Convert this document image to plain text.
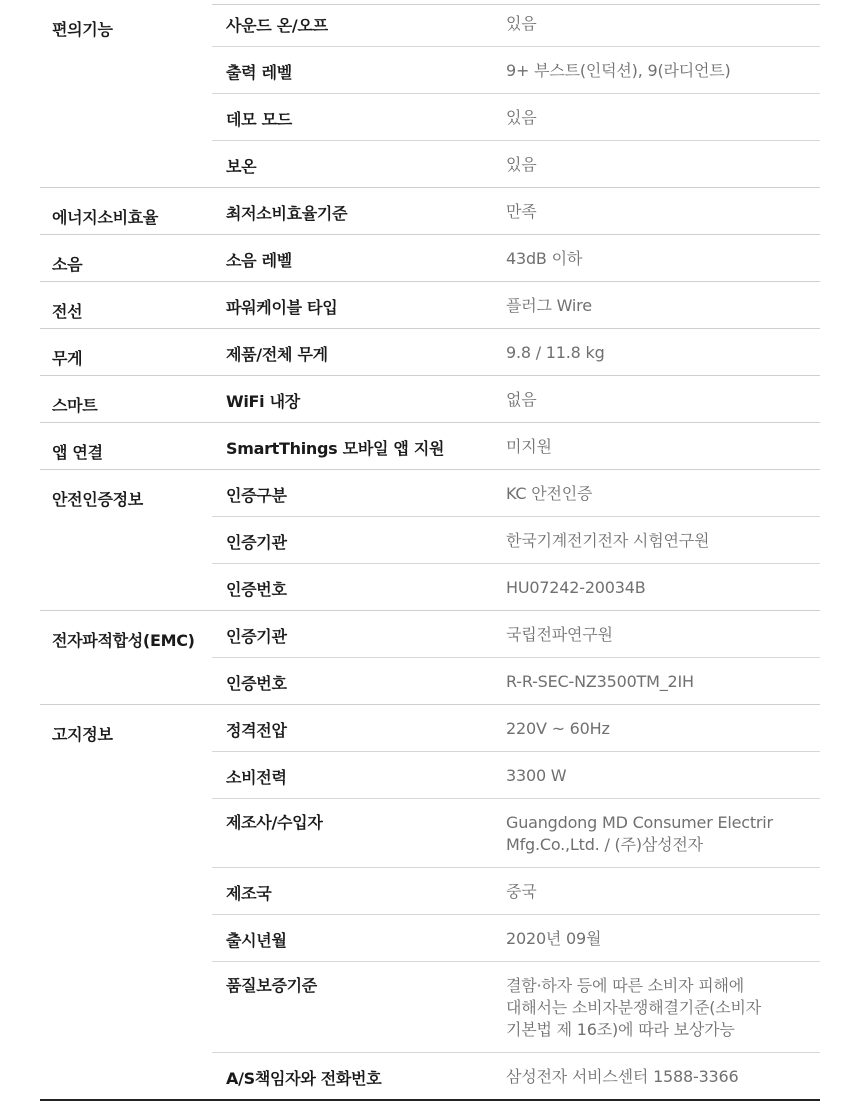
편의기능	사운드 온/오프	있음
출력 레벨	9+ 부스트(인덕션), 9(라디언트)
데모 모드	있음
보온	있음
에너지소비효율	최저소비효율기준	만족
소음	소음 레벨	43dB 이하
전선	파워케이블 타입	플러그 Wire
무게	제품/전체 무게	9.8 / 11.8 kg
스마트	WiFi 내장	없음
앱 연결	SmartThings 모바일 앱 지원	미지원
안전인증정보	인증구분	KC 안전인증
인증기관	한국기계전기전자 시험연구원
인증번호	HU07242-20034B
전자파적합성(EMC)	인증기관	국립전파연구원
인증번호	R-R-SEC-NZ3500TM_2IH
고지정보	정격전압	220V ~ 60Hz
소비전력	3300 W
제조사/수입자	Guangdong MD Consumer Electrir
Mfg.Co.,Ltd. / (주)삼성전자
제조국	중국
출시년월	2020년 09월
품질보증기준	결함·하자 등에 따른 소비자 피해에
대해서는 소비자분쟁해결기준(소비자
기본법 제 16조)에 따라 보상가능
A/S책임자와 전화번호	삼성전자 서비스센터 1588-3366
